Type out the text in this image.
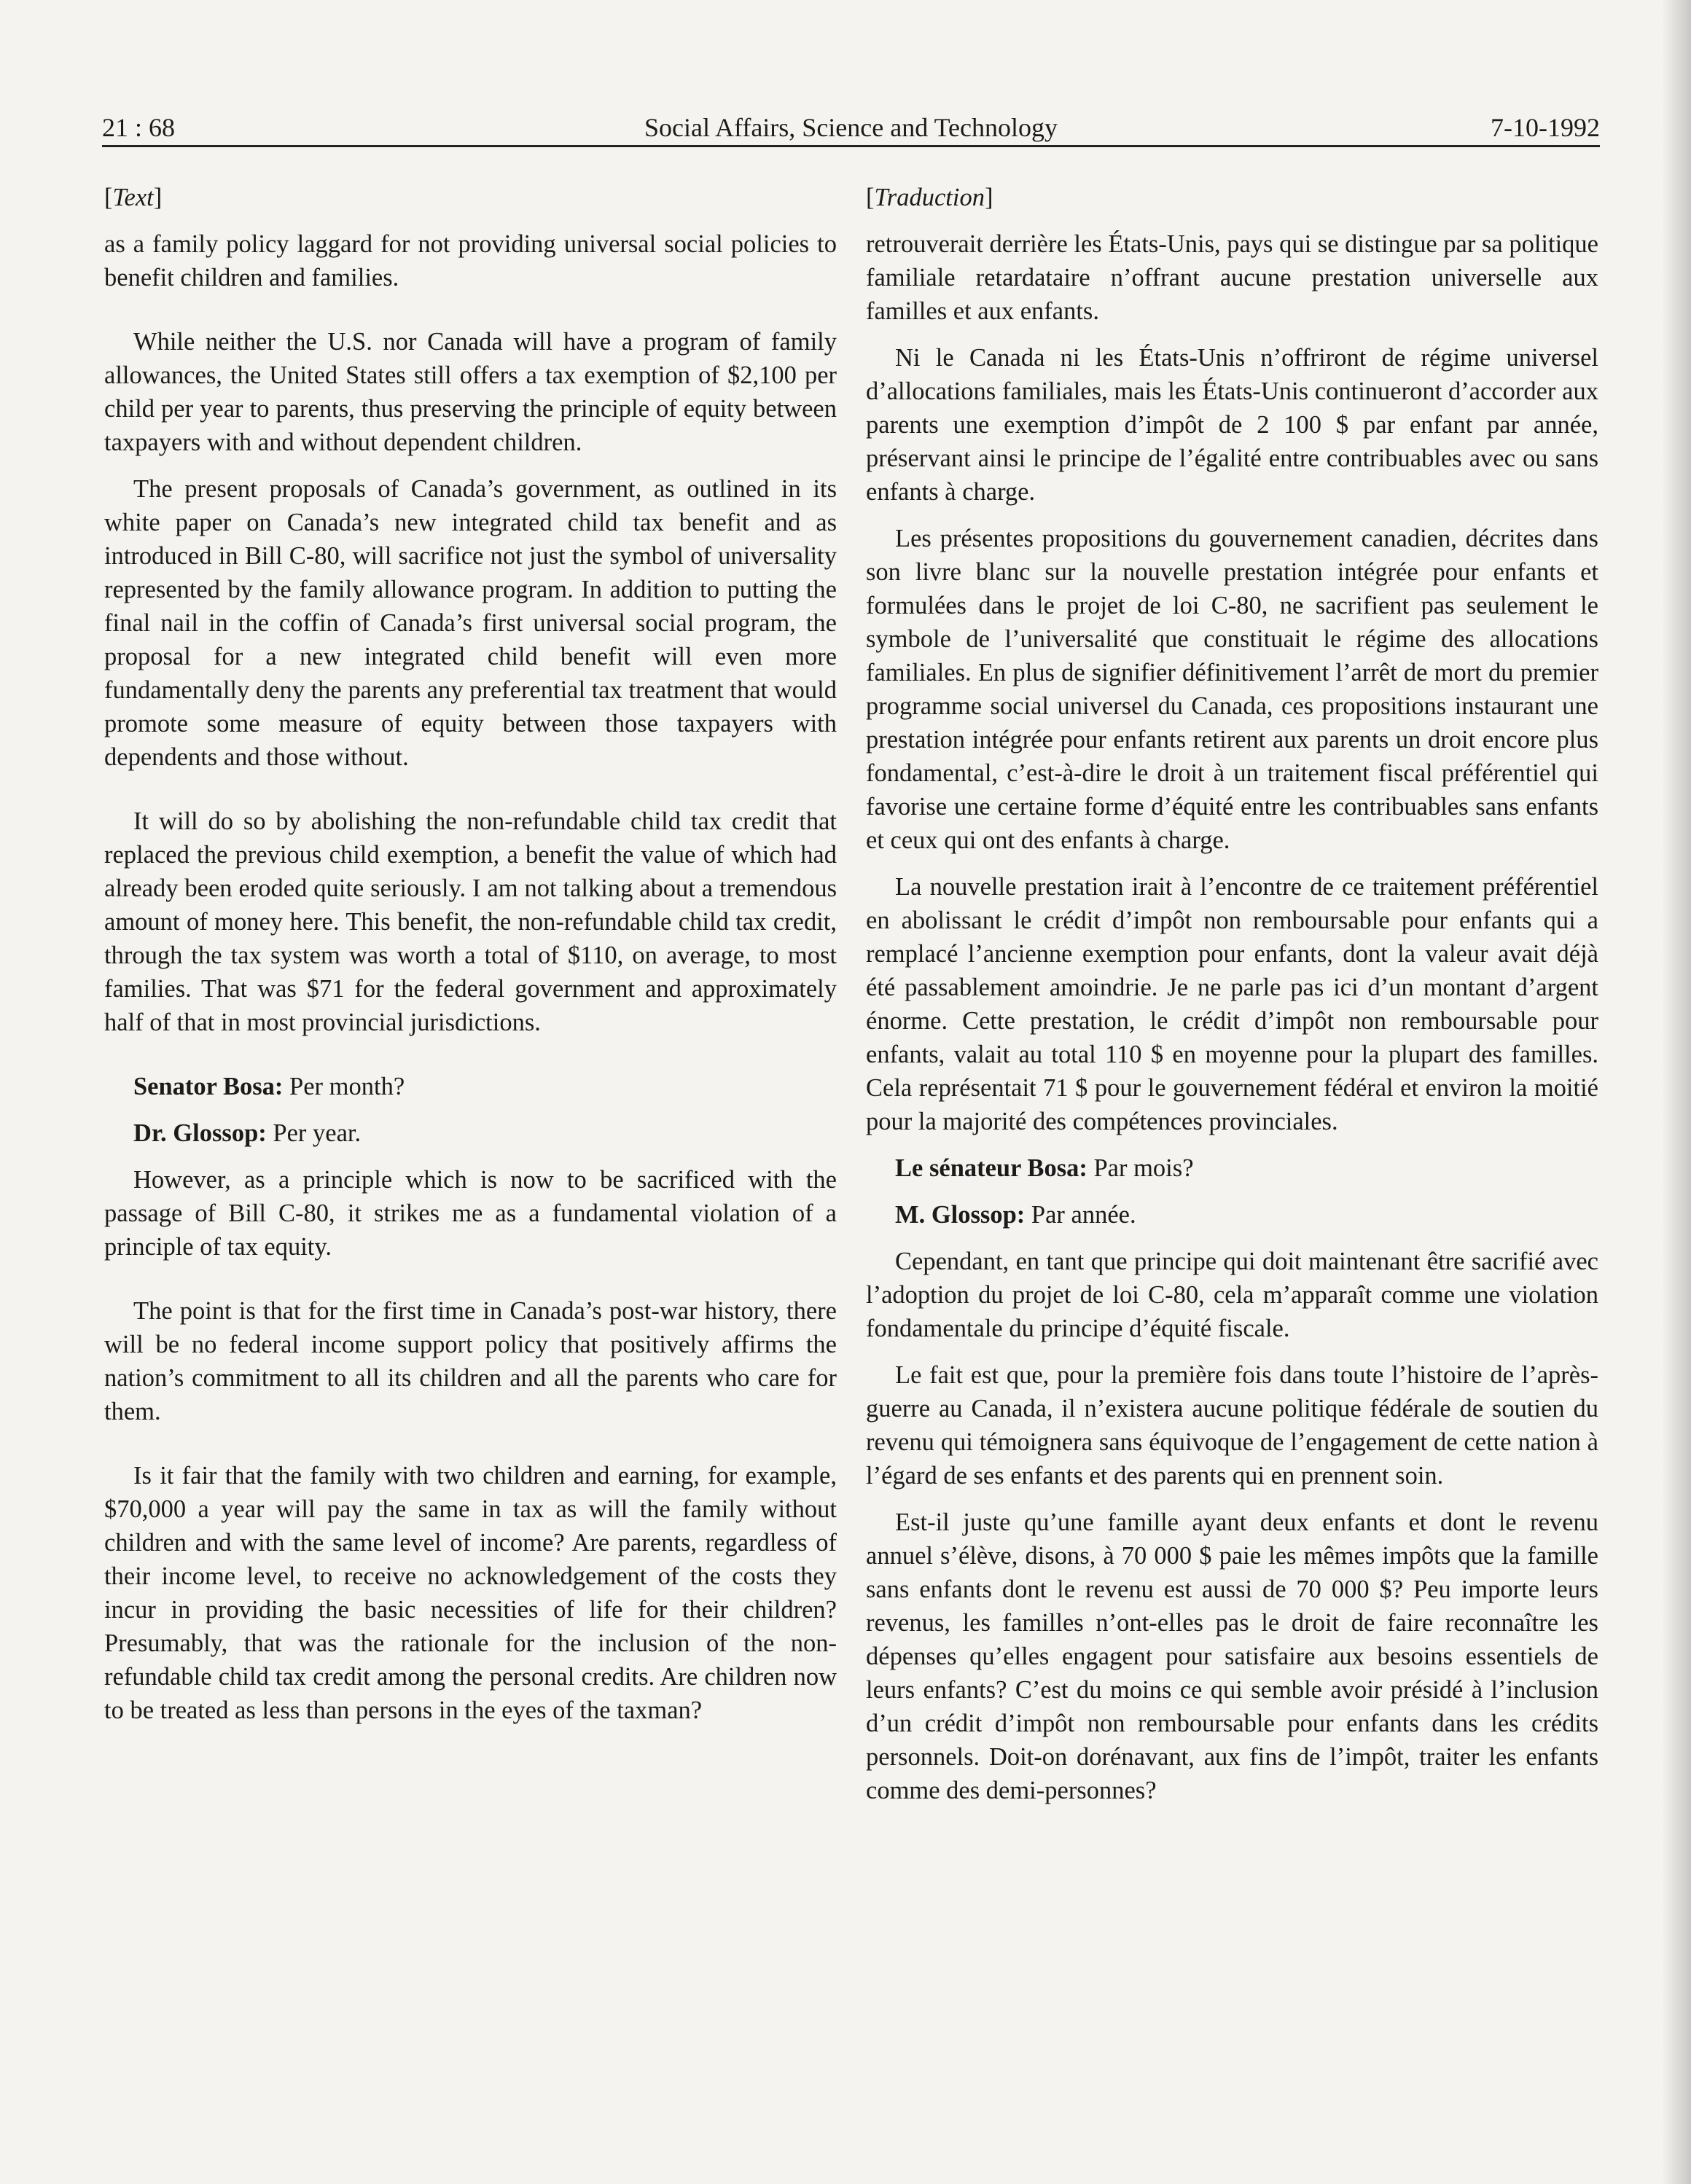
21 : 68	Social Affairs, Science and Technology	7-10-1992

[Text]

as a family policy laggard for not providing universal social policies to benefit children and families.

While neither the U.S. nor Canada will have a program of family allowances, the United States still offers a tax exemption of $2,100 per child per year to parents, thus preserving the principle of equity between taxpayers with and without dependent children.

The present proposals of Canada’s government, as outlined in its white paper on Canada’s new integrated child tax benefit and as introduced in Bill C-80, will sacrifice not just the symbol of universality represented by the family allowance program. In addition to putting the final nail in the coffin of Canada’s first universal social program, the proposal for a new integrated child benefit will even more fundamentally deny the parents any preferential tax treatment that would promote some measure of equity between those taxpayers with dependents and those without.

It will do so by abolishing the non-refundable child tax credit that replaced the previous child exemption, a benefit the value of which had already been eroded quite seriously. I am not talking about a tremendous amount of money here. This benefit, the non-refundable child tax credit, through the tax system was worth a total of $110, on average, to most families. That was $71 for the federal government and approximately half of that in most provincial jurisdictions.

Senator Bosa: Per month?

Dr. Glossop: Per year.

However, as a principle which is now to be sacrificed with the passage of Bill C-80, it strikes me as a fundamental violation of a principle of tax equity.

The point is that for the first time in Canada’s post-war history, there will be no federal income support policy that positively affirms the nation’s commitment to all its children and all the parents who care for them.

Is it fair that the family with two children and earning, for example, $70,000 a year will pay the same in tax as will the family without children and with the same level of income? Are parents, regardless of their income level, to receive no acknowledgement of the costs they incur in providing the basic necessities of life for their children? Presumably, that was the rationale for the inclusion of the non-refundable child tax credit among the personal credits. Are children now to be treated as less than persons in the eyes of the taxman?

[Traduction]

retrouverait derrière les États-Unis, pays qui se distingue par sa politique familiale retardataire n’offrant aucune prestation universelle aux familles et aux enfants.

Ni le Canada ni les États-Unis n’offriront de régime universel d’allocations familiales, mais les États-Unis continueront d’accorder aux parents une exemption d’impôt de 2 100 $ par enfant par année, préservant ainsi le principe de l’égalité entre contribuables avec ou sans enfants à charge.

Les présentes propositions du gouvernement canadien, décrites dans son livre blanc sur la nouvelle prestation intégrée pour enfants et formulées dans le projet de loi C-80, ne sacrifient pas seulement le symbole de l’universalité que constituait le régime des allocations familiales. En plus de signifier définitivement l’arrêt de mort du premier programme social universel du Canada, ces propositions instaurant une prestation intégrée pour enfants retirent aux parents un droit encore plus fondamental, c’est-à-dire le droit à un traitement fiscal préférentiel qui favorise une certaine forme d’équité entre les contribuables sans enfants et ceux qui ont des enfants à charge.

La nouvelle prestation irait à l’encontre de ce traitement préférentiel en abolissant le crédit d’impôt non remboursable pour enfants qui a remplacé l’ancienne exemption pour enfants, dont la valeur avait déjà été passablement amoindrie. Je ne parle pas ici d’un montant d’argent énorme. Cette prestation, le crédit d’impôt non remboursable pour enfants, valait au total 110 $ en moyenne pour la plupart des familles. Cela représentait 71 $ pour le gouvernement fédéral et environ la moitié pour la majorité des compétences provinciales.

Le sénateur Bosa: Par mois?

M. Glossop: Par année.

Cependant, en tant que principe qui doit maintenant être sacrifié avec l’adoption du projet de loi C-80, cela m’apparaît comme une violation fondamentale du principe d’équité fiscale.

Le fait est que, pour la première fois dans toute l’histoire de l’après-guerre au Canada, il n’existera aucune politique fédérale de soutien du revenu qui témoignera sans équivoque de l’engagement de cette nation à l’égard de ses enfants et des parents qui en prennent soin.

Est-il juste qu’une famille ayant deux enfants et dont le revenu annuel s’élève, disons, à 70 000 $ paie les mêmes impôts que la famille sans enfants dont le revenu est aussi de 70 000 $? Peu importe leurs revenus, les familles n’ont-elles pas le droit de faire reconnaître les dépenses qu’elles engagent pour satisfaire aux besoins essentiels de leurs enfants? C’est du moins ce qui semble avoir présidé à l’inclusion d’un crédit d’impôt non remboursable pour enfants dans les crédits personnels. Doit-on dorénavant, aux fins de l’impôt, traiter les enfants comme des demi-personnes?
